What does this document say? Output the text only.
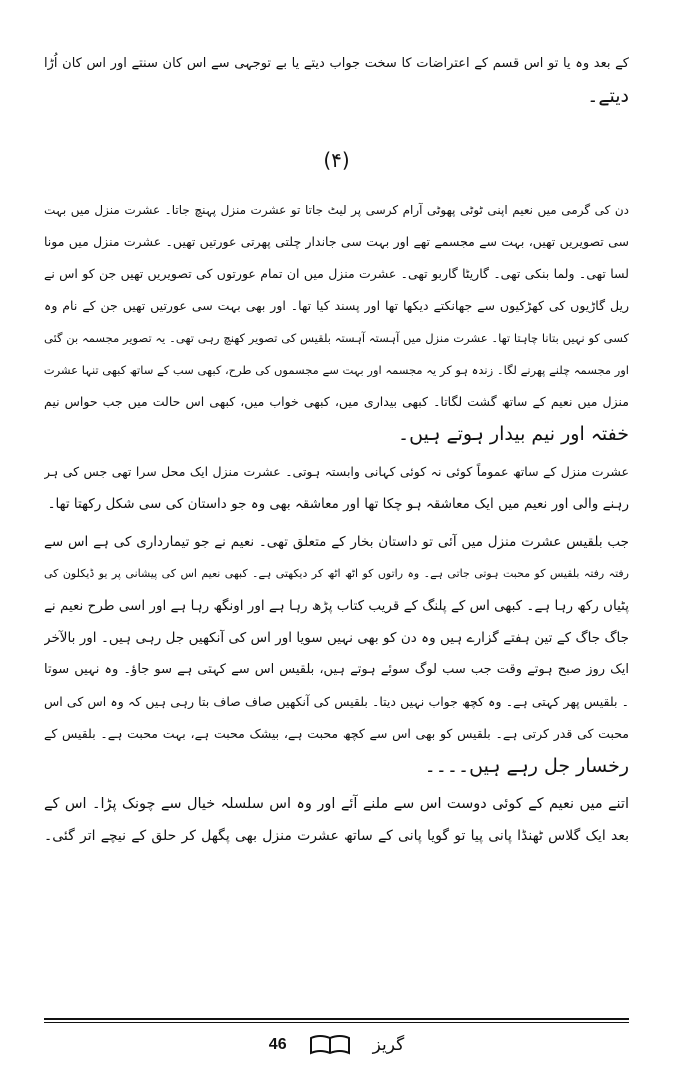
کے بعد وہ یا تو اس قسم کے اعتراضات کا سخت جواب دیتے یا بے توجہی سے اس کان سنتے اور اس کان اُڑا
دیتے۔
(۴)
دن کی گرمی میں نعیم اپنی ٹوٹی پھوٹی آرام کرسی پر لیٹ جاتا تو عشرت منزل پہنچ جاتا۔ عشرت منزل میں بہت
سی تصویریں تھیں، بہت سے مجسمے تھے اور بہت سی جاندار چلتی پھرتی عورتیں تھیں۔ عشرت منزل میں مونا
لسا تھی۔ ولما بنکی تھی۔ گاریٹا گاربو تھی۔ عشرت منزل میں ان تمام عورتوں کی تصویریں تھیں جن کو اس نے
ریل گاڑیوں کی کھڑکیوں سے جھانکتے دیکھا تھا اور پسند کیا تھا۔ اور بھی بہت سی عورتیں تھیں جن کے نام وہ
کسی کو نہیں بتانا چاہتا تھا۔ عشرت منزل میں آہستہ آہستہ بلقیس کی تصویر کھنچ رہی تھی۔ یہ تصویر مجسمہ بن گئی
اور مجسمہ چلنے پھرنے لگا۔ زندہ ہو کر یہ مجسمہ اور بہت سے مجسموں کی طرح، کبھی سب کے ساتھ کبھی تنہا عشرت
منزل میں نعیم کے ساتھ گشت لگاتا۔ کبھی بیداری میں، کبھی خواب میں، کبھی اس حالت میں جب حواس نیم
خفتہ اور نیم بیدار ہوتے ہیں۔
عشرت منزل کے ساتھ عموماً کوئی نہ کوئی کہانی وابستہ ہوتی۔ عشرت منزل ایک محل سرا تھی جس کی ہر
رہنے والی اور نعیم میں ایک معاشقہ ہو چکا تھا اور معاشقہ بھی وہ جو داستان کی سی شکل رکھتا تھا۔
جب بلقیس عشرت منزل میں آئی تو داستان بخار کے متعلق تھی۔ نعیم نے جو تیمارداری کی ہے اس سے
رفتہ رفتہ بلقیس کو محبت ہوتی جاتی ہے۔ وہ راتوں کو اٹھ اٹھ کر دیکھتی ہے۔ کبھی نعیم اس کی پیشانی پر یو ڈیکلون کی
پٹیاں رکھ رہا ہے۔ کبھی اس کے پلنگ کے قریب کتاب پڑھ رہا ہے اور اونگھ رہا ہے اور اسی طرح نعیم نے
جاگ جاگ کے تین ہفتے گزارے ہیں وہ دن کو بھی نہیں سویا اور اس کی آنکھیں جل رہی ہیں۔ اور بالآخر
ایک روز صبح ہوتے وقت جب سب لوگ سوئے ہوتے ہیں، بلقیس اس سے کہتی ہے سو جاؤ۔ وہ نہیں سوتا
۔ بلقیس پھر کہتی ہے۔ وہ کچھ جواب نہیں دیتا۔ بلقیس کی آنکھیں صاف صاف بتا رہی ہیں کہ وہ اس کی اس
محبت کی قدر کرتی ہے۔ بلقیس کو بھی اس سے کچھ محبت ہے، بیشک محبت ہے، بہت محبت ہے۔ بلقیس کے
رخسار جل رہے ہیں۔۔۔۔
اتنے میں نعیم کے کوئی دوست اس سے ملنے آئے اور وہ اس سلسلہ خیال سے چونک پڑا۔ اس کے
بعد ایک گلاس ٹھنڈا پانی پیا تو گویا پانی کے ساتھ عشرت منزل بھی پگھل کر حلق کے نیچے اتر گئی۔
46	گریز
